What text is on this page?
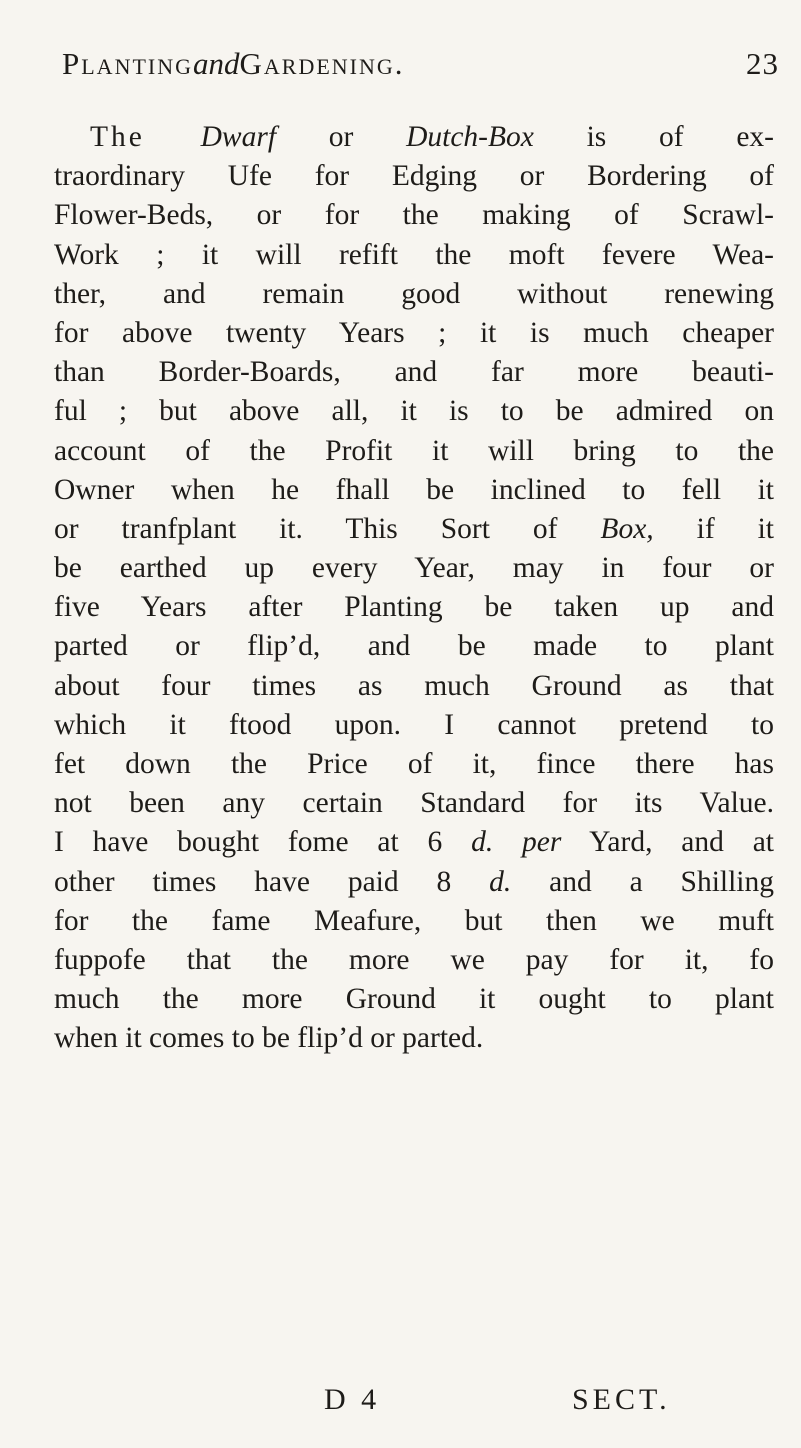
PlantingandGardening.	23
The Dwarf or Dutch-Box is of ex-
traordinary Ufe for Edging or Bordering of
Flower-Beds, or for the making of Scrawl-
Work ; it will refift the moft fevere Wea-
ther, and remain good without renewing
for above twenty Years ; it is much cheaper
than Border-Boards, and far more beauti-
ful ; but above all, it is to be admired on
account of the Profit it will bring to the
Owner when he fhall be inclined to fell it
or tranfplant it. This Sort of Box, if it
be earthed up every Year, may in four or
five Years after Planting be taken up and
parted or flip’d, and be made to plant
about four times as much Ground as that
which it ftood upon. I cannot pretend to
fet down the Price of it, fince there has
not been any certain Standard for its Value.
I have bought fome at 6 d. per Yard, and at
other times have paid 8 d. and a Shilling
for the fame Meafure, but then we muft
fuppofe that the more we pay for it, fo
much the more Ground it ought to plant
when it comes to be flip’d or parted.
D 4	SECT.
